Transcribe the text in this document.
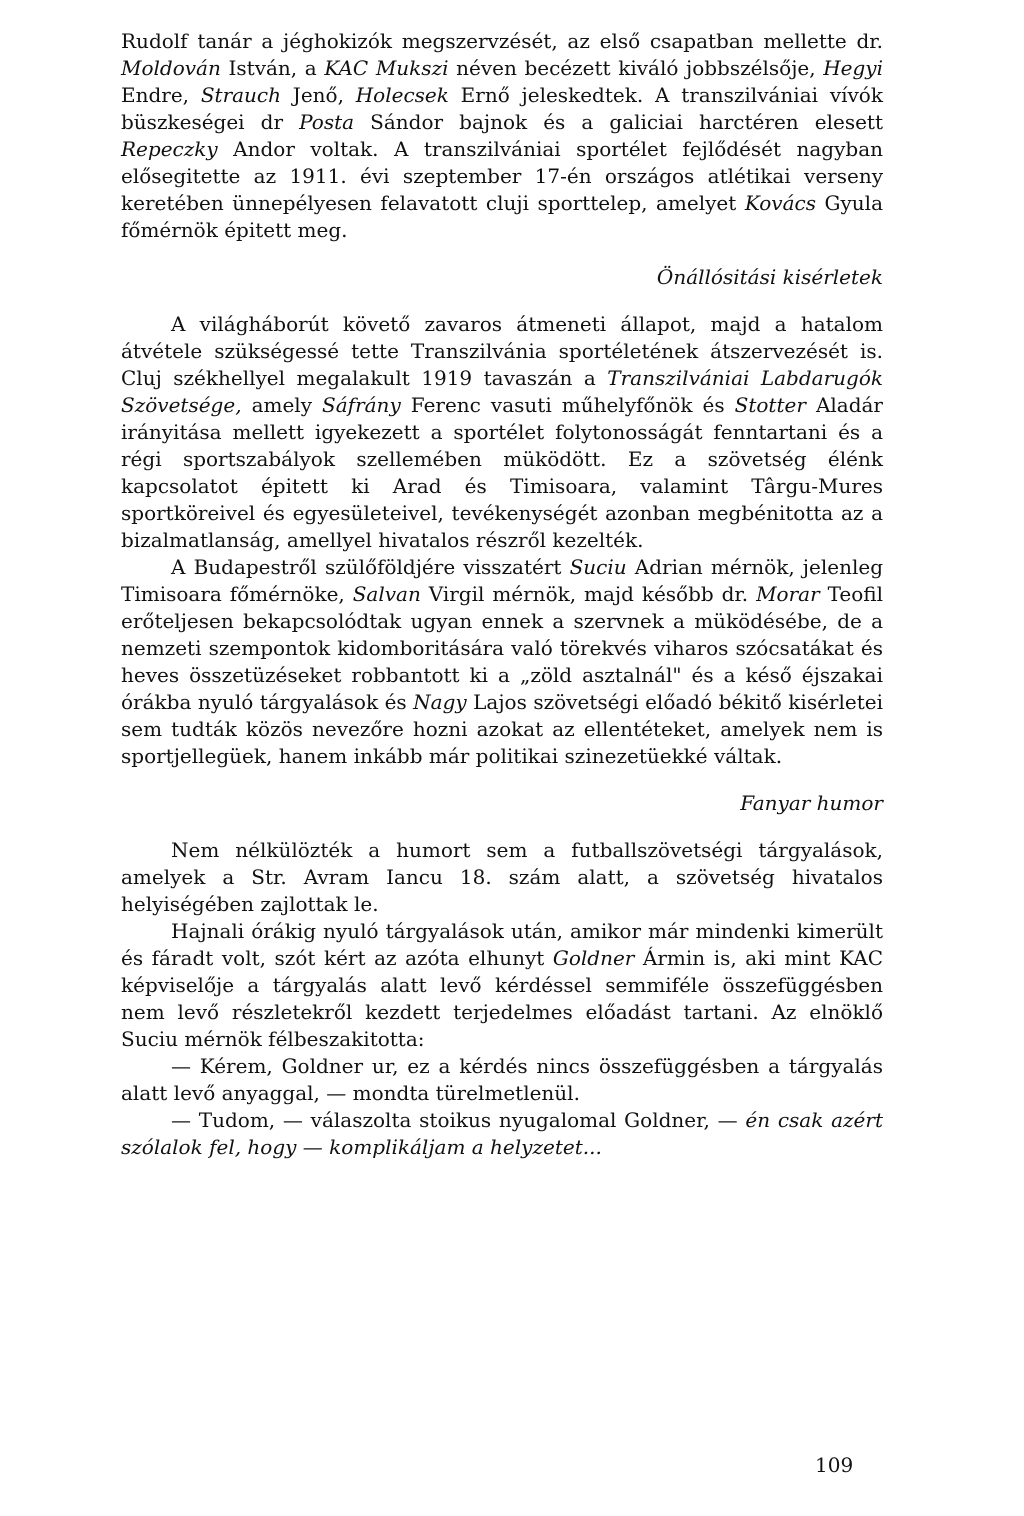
Rudolf tanár a jéghokizók megszervzését, az első csapatban mellette dr. Moldován István, a KAC Mukszi néven becézett kiváló jobbszélsője, Hegyi Endre, Strauch Jenő, Holecsek Ernő jeleskedtek. A transzilvániai vívók büszkeségei dr Posta Sándor bajnok és a galiciai harctéren elesett Repeczky Andor voltak. A transzilvániai sportélet fejlődését nagyban elősegitette az 1911. évi szeptember 17-én országos atlétikai verseny keretében ünnepélyesen felavatott cluji sporttelep, amelyet Kovács Gyula főmérnök épitett meg.

Önállósitási kisérletek

A világháborút követő zavaros átmeneti állapot, majd a hatalom átvétele szükségessé tette Transzilvánia sportéletének átszervezését is. Cluj székhellyel megalakult 1919 tavaszán a Transzilvániai Labdarugók Szövetsége, amely Sáfrány Ferenc vasuti műhelyfőnök és Stotter Aladár irányitása mellett igyekezett a sportélet folytonosságát fenntartani és a régi sportszabályok szellemében müködött. Ez a szövetség élénk kapcsolatot épitett ki Arad és Timisoara, valamint Târgu-Mures sportköreivel és egyesületeivel, tevékenységét azonban megbénitotta az a bizalmatlanság, amellyel hivatalos részről kezelték.

A Budapestről szülőföldjére visszatért Suciu Adrian mérnök, jelenleg Timisoara főmérnöke, Salvan Virgil mérnök, majd később dr. Morar Teofil erőteljesen bekapcsolódtak ugyan ennek a szervnek a müködésébe, de a nemzeti szempontok kidomboritására való törekvés viharos szócsatákat és heves összetüzéseket robbantott ki a „zöld asztalnál" és a késő éjszakai órákba nyuló tárgyalások és Nagy Lajos szövetségi előadó békitő kisérletei sem tudták közös nevezőre hozni azokat az ellentéteket, amelyek nem is sportjellegüek, hanem inkább már politikai szinezetüekké váltak.

Fanyar humor

Nem nélkülözték a humort sem a futballszövetségi tárgyalások, amelyek a Str. Avram Iancu 18. szám alatt, a szövetség hivatalos helyiségében zajlottak le.

Hajnali órákig nyuló tárgyalások után, amikor már mindenki kimerült és fáradt volt, szót kért az azóta elhunyt Goldner Ármin is, aki mint KAC képviselője a tárgyalás alatt levő kérdéssel semmiféle összefüggésben nem levő részletekről kezdett terjedelmes előadást tartani. Az elnöklő Suciu mérnök félbeszakitotta:

— Kérem, Goldner ur, ez a kérdés nincs összefüggésben a tárgyalás alatt levő anyaggal, — mondta türelmetlenül.

— Tudom, — válaszolta stoikus nyugalomal Goldner, — én csak azért szólalok fel, hogy — komplikáljam a helyzetet...

109
